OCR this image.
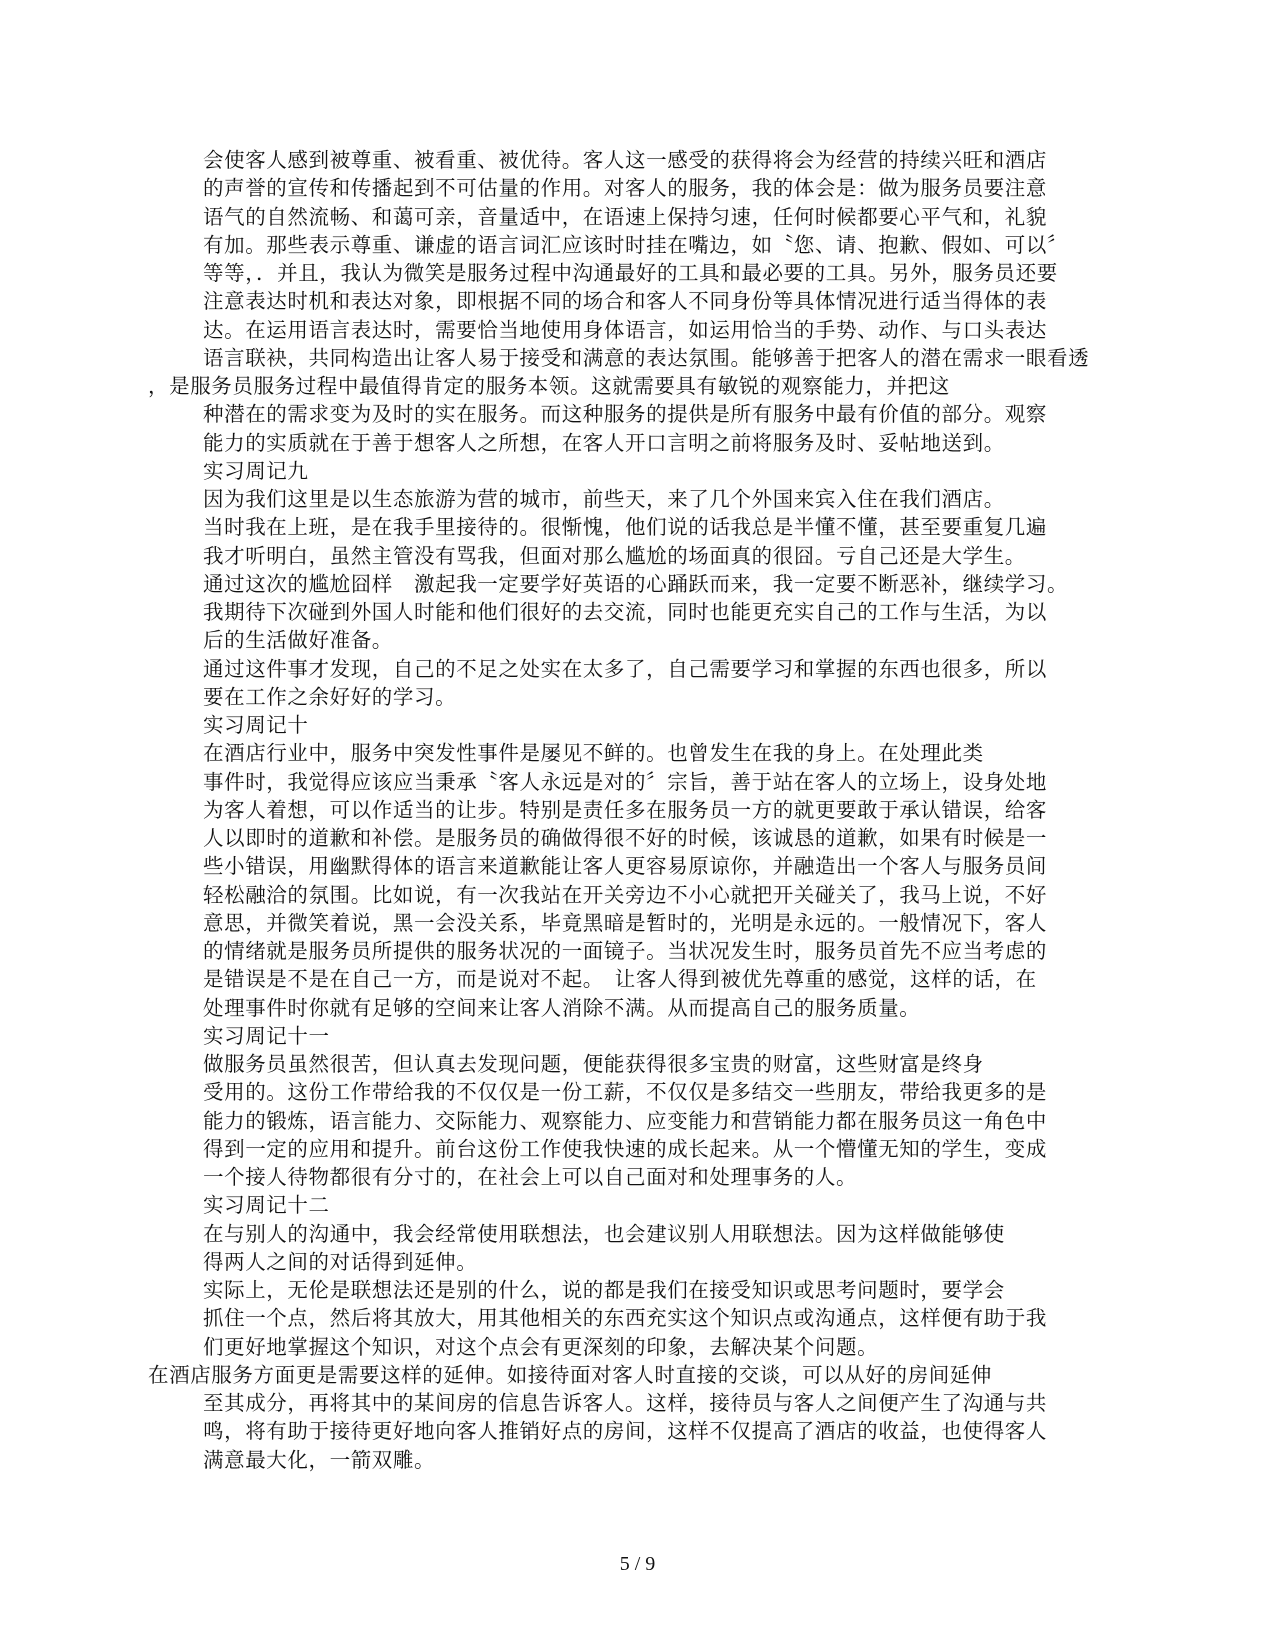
会使客人感到被尊重、被看重、被优待。客人这一感受的获得将会为经营的持续兴旺和酒店
的声誉的宣传和传播起到不可估量的作用。对客人的服务，我的体会是：做为服务员要注意
语气的自然流畅、和蔼可亲，音量适中，在语速上保持匀速，任何时候都要心平气和，礼貌
有加。那些表示尊重、谦虚的语言词汇应该时时挂在嘴边，如〝您、请、抱歉、假如、可以〞
等等，．并且，我认为微笑是服务过程中沟通最好的工具和最必要的工具。另外，服务员还要
注意表达时机和表达对象，即根据不同的场合和客人不同身份等具体情况进行适当得体的表
达。在运用语言表达时，需要恰当地使用身体语言，如运用恰当的手势、动作、与口头表达
语言联袂，共同构造出让客人易于接受和满意的表达氛围。能够善于把客人的潜在需求一眼看透
，是服务员服务过程中最值得肯定的服务本领。这就需要具有敏锐的观察能力，并把这
种潜在的需求变为及时的实在服务。而这种服务的提供是所有服务中最有价值的部分。观察
能力的实质就在于善于想客人之所想，在客人开口言明之前将服务及时、妥帖地送到。
实习周记九
因为我们这里是以生态旅游为营的城市，前些天，来了几个外国来宾入住在我们酒店。
当时我在上班，是在我手里接待的。很惭愧，他们说的话我总是半懂不懂，甚至要重复几遍
我才听明白，虽然主管没有骂我，但面对那么尴尬的场面真的很囧。亏自己还是大学生。
通过这次的尴尬囧样　激起我一定要学好英语的心踊跃而来，我一定要不断恶补，继续学习。
我期待下次碰到外国人时能和他们很好的去交流，同时也能更充实自己的工作与生活，为以
后的生活做好准备。
通过这件事才发现，自己的不足之处实在太多了，自己需要学习和掌握的东西也很多，所以
要在工作之余好好的学习。
实习周记十
在酒店行业中，服务中突发性事件是屡见不鲜的。也曾发生在我的身上。在处理此类
事件时，我觉得应该应当秉承〝客人永远是对的〞宗旨，善于站在客人的立场上，设身处地
为客人着想，可以作适当的让步。特别是责任多在服务员一方的就更要敢于承认错误，给客
人以即时的道歉和补偿。是服务员的确做得很不好的时候，该诚恳的道歉，如果有时候是一
些小错误，用幽默得体的语言来道歉能让客人更容易原谅你，并融造出一个客人与服务员间
轻松融洽的氛围。比如说，有一次我站在开关旁边不小心就把开关碰关了，我马上说，不好
意思，并微笑着说，黑一会没关系，毕竟黑暗是暂时的，光明是永远的。一般情况下，客人
的情绪就是服务员所提供的服务状况的一面镜子。当状况发生时，服务员首先不应当考虑的
是错误是不是在自己一方，而是说对不起。　让客人得到被优先尊重的感觉，这样的话，在
处理事件时你就有足够的空间来让客人消除不满。从而提高自己的服务质量。
实习周记十一
做服务员虽然很苦，但认真去发现问题，便能获得很多宝贵的财富，这些财富是终身
受用的。这份工作带给我的不仅仅是一份工薪，不仅仅是多结交一些朋友，带给我更多的是
能力的锻炼，语言能力、交际能力、观察能力、应变能力和营销能力都在服务员这一角色中
得到一定的应用和提升。前台这份工作使我快速的成长起来。从一个懵懂无知的学生，变成
一个接人待物都很有分寸的，在社会上可以自己面对和处理事务的人。
实习周记十二
在与别人的沟通中，我会经常使用联想法，也会建议别人用联想法。因为这样做能够使
得两人之间的对话得到延伸。
实际上，无伦是联想法还是别的什么，说的都是我们在接受知识或思考问题时，要学会
抓住一个点，然后将其放大，用其他相关的东西充实这个知识点或沟通点，这样便有助于我
们更好地掌握这个知识，对这个点会有更深刻的印象，去解决某个问题。
在酒店服务方面更是需要这样的延伸。如接待面对客人时直接的交谈，可以从好的房间延伸
至其成分，再将其中的某间房的信息告诉客人。这样，接待员与客人之间便产生了沟通与共
鸣，将有助于接待更好地向客人推销好点的房间，这样不仅提高了酒店的收益，也使得客人
满意最大化，一箭双雕。
5 / 9
